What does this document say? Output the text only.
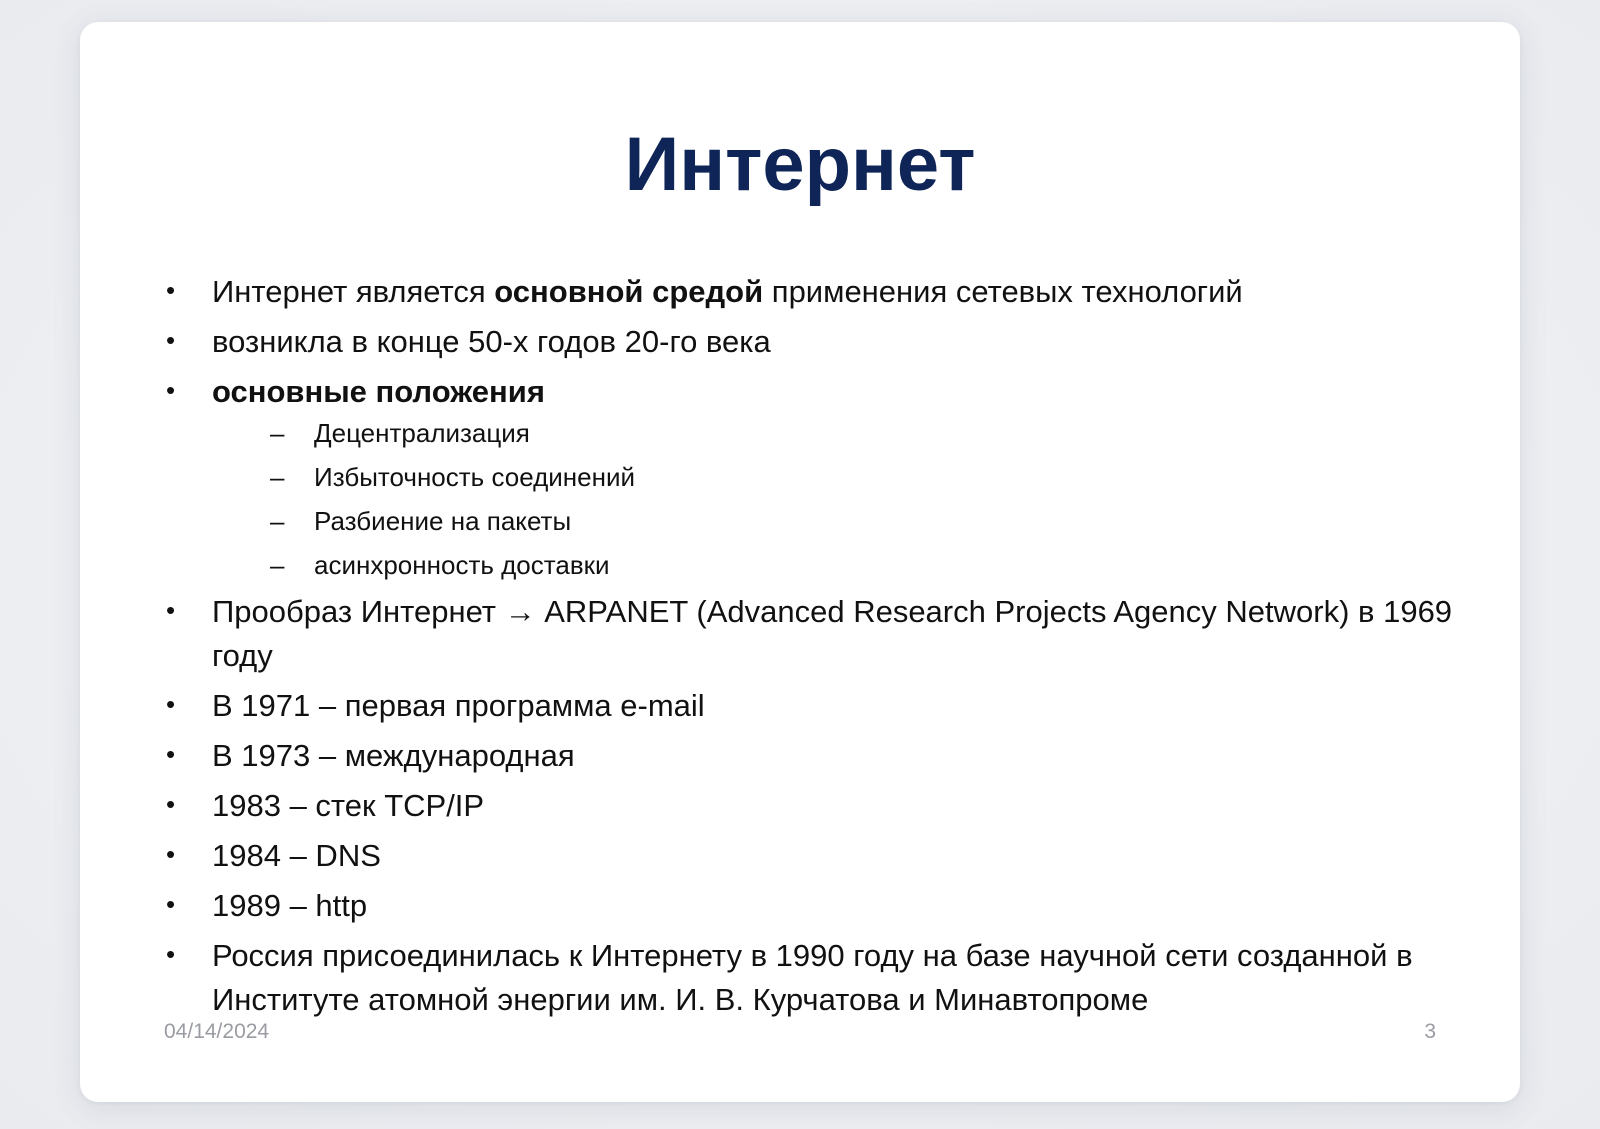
Интернет
• Интернет является основной средой применения сетевых технологий
• возникла в конце 50-х годов 20-го века
• основные положения
– Децентрализация
– Избыточность соединений
– Разбиение на пакеты
– асинхронность доставки
• Прообраз Интернет → ARPANET (Advanced Research Projects Agency Network) в 1969 году
• В 1971 – первая программа e-mail
• В 1973 – международная
• 1983 – стек TCP/IP
• 1984 – DNS
• 1989 – http
• Россия присоединилась к Интернету в 1990 году на базе научной сети созданной в Институте атомной энергии им. И. В. Курчатова и Минавтопроме
04/14/2024	3
